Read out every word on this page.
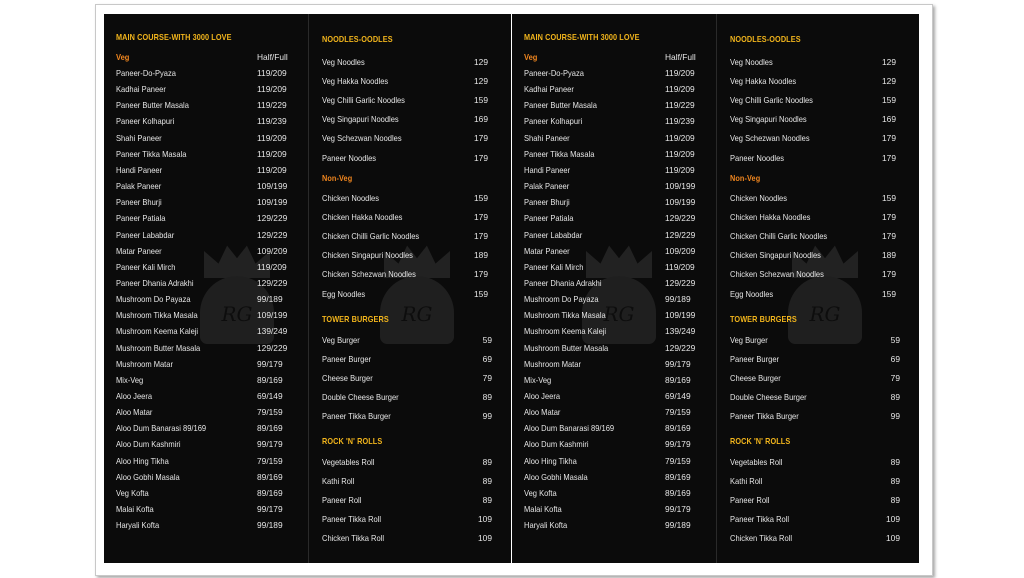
RG	RG
MAIN COURSE-WITH 3000 LOVE
Veg	Half/Full
Paneer-Do-Pyaza	119/209
Kadhai Paneer	119/209
Paneer Butter Masala	119/229
Paneer Kolhapuri	119/239
Shahi Paneer	119/209
Paneer Tikka Masala	119/209
Handi Paneer	119/209
Palak Paneer	109/199
Paneer Bhurji	109/199
Paneer Patiala	129/229
Paneer Lababdar	129/229
Matar Paneer	109/209
Paneer Kali Mirch	119/209
Paneer Dhania Adrakhi	129/229
Mushroom Do Payaza	99/189
Mushroom Tikka Masala	109/199
Mushroom Keema Kaleji	139/249
Mushroom Butter Masala	129/229
Mushroom Matar	99/179
Mix-Veg	89/169
Aloo Jeera	69/149
Aloo Matar	79/159
Aloo Dum Banarasi 89/169	89/169
Aloo Dum Kashmiri	99/179
Aloo Hing Tikha	79/159
Aloo Gobhi Masala	89/169
Veg Kofta	89/169
Malai Kofta	99/179
Haryali Kofta	99/189
NOODLES-OODLES
Veg Noodles	129
Veg Hakka Noodles	129
Veg Chilli Garlic Noodles	159
Veg Singapuri Noodles	169
Veg Schezwan Noodles	179
Paneer Noodles	179
Non-Veg
Chicken Noodles	159
Chicken Hakka Noodles	179
Chicken Chilli Garlic Noodles	179
Chicken Singapuri Noodles	189
Chicken Schezwan Noodles	179
Egg Noodles	159
TOWER BURGERS
Veg Burger	59
Paneer Burger	69
Cheese Burger	79
Double Cheese Burger	89
Paneer Tikka Burger	99
ROCK 'N' ROLLS
Vegetables Roll	89
Kathi Roll	89
Paneer Roll	89
Paneer Tikka Roll	109
Chicken Tikka Roll	109
RG	RG
MAIN COURSE-WITH 3000 LOVE
Veg	Half/Full
Paneer-Do-Pyaza	119/209
Kadhai Paneer	119/209
Paneer Butter Masala	119/229
Paneer Kolhapuri	119/239
Shahi Paneer	119/209
Paneer Tikka Masala	119/209
Handi Paneer	119/209
Palak Paneer	109/199
Paneer Bhurji	109/199
Paneer Patiala	129/229
Paneer Lababdar	129/229
Matar Paneer	109/209
Paneer Kali Mirch	119/209
Paneer Dhania Adrakhi	129/229
Mushroom Do Payaza	99/189
Mushroom Tikka Masala	109/199
Mushroom Keema Kaleji	139/249
Mushroom Butter Masala	129/229
Mushroom Matar	99/179
Mix-Veg	89/169
Aloo Jeera	69/149
Aloo Matar	79/159
Aloo Dum Banarasi 89/169	89/169
Aloo Dum Kashmiri	99/179
Aloo Hing Tikha	79/159
Aloo Gobhi Masala	89/169
Veg Kofta	89/169
Malai Kofta	99/179
Haryali Kofta	99/189
NOODLES-OODLES
Veg Noodles	129
Veg Hakka Noodles	129
Veg Chilli Garlic Noodles	159
Veg Singapuri Noodles	169
Veg Schezwan Noodles	179
Paneer Noodles	179
Non-Veg
Chicken Noodles	159
Chicken Hakka Noodles	179
Chicken Chilli Garlic Noodles	179
Chicken Singapuri Noodles	189
Chicken Schezwan Noodles	179
Egg Noodles	159
TOWER BURGERS
Veg Burger	59
Paneer Burger	69
Cheese Burger	79
Double Cheese Burger	89
Paneer Tikka Burger	99
ROCK 'N' ROLLS
Vegetables Roll	89
Kathi Roll	89
Paneer Roll	89
Paneer Tikka Roll	109
Chicken Tikka Roll	109
